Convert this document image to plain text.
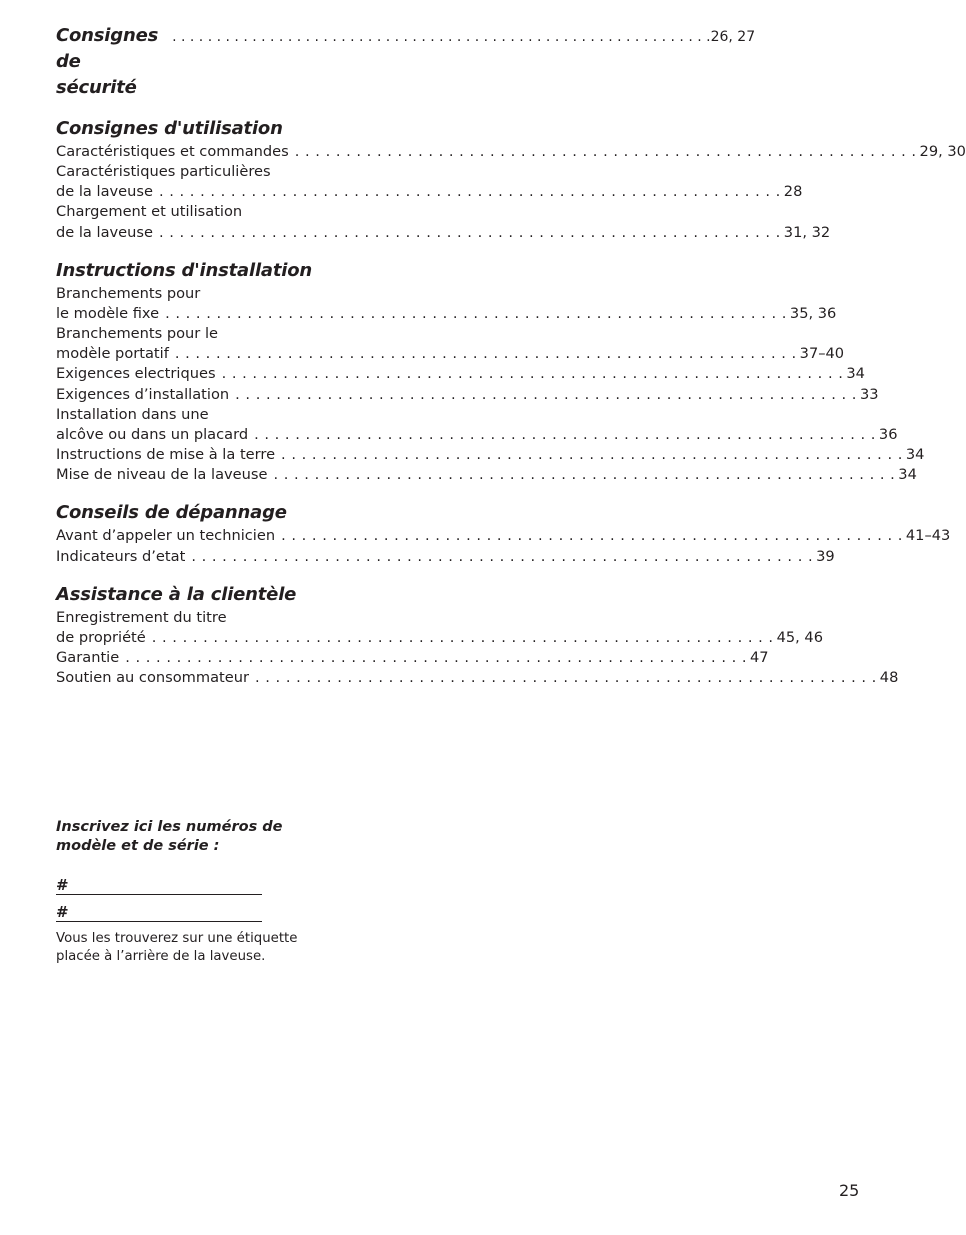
Consignes de sécurité
. . . . . . . . . . . . . . . . . . . . . . . . . . . . . . . . . . . . . . . . . . . . . . . . . . . . . . . . . . . . . 26, 27
Consignes d'utilisation
Caractéristiques et commandes . . . . . . . . . . . . . . . . . . . . . . . . . . . . . . . . . . . . . . . . . . . . . . . . . . . . . . . . . . . . . 29, 30
Caractéristiques particulières
de la laveuse . . . . . . . . . . . . . . . . . . . . . . . . . . . . . . . . . . . . . . . . . . . . . . . . . . . . . . . . . . . . . 28
Chargement et utilisation
de la laveuse . . . . . . . . . . . . . . . . . . . . . . . . . . . . . . . . . . . . . . . . . . . . . . . . . . . . . . . . . . . . . 31, 32
Instructions d'installation
Branchements pour
le modèle fixe . . . . . . . . . . . . . . . . . . . . . . . . . . . . . . . . . . . . . . . . . . . . . . . . . . . . . . . . . . . . . 35, 36
Branchements pour le
modèle portatif . . . . . . . . . . . . . . . . . . . . . . . . . . . . . . . . . . . . . . . . . . . . . . . . . . . . . . . . . . . . . 37–40
Exigences electriques . . . . . . . . . . . . . . . . . . . . . . . . . . . . . . . . . . . . . . . . . . . . . . . . . . . . . . . . . . . . . 34
Exigences d’installation . . . . . . . . . . . . . . . . . . . . . . . . . . . . . . . . . . . . . . . . . . . . . . . . . . . . . . . . . . . . . 33
Installation dans une
alcôve ou dans un placard . . . . . . . . . . . . . . . . . . . . . . . . . . . . . . . . . . . . . . . . . . . . . . . . . . . . . . . . . . . . . 36
Instructions de mise à la terre . . . . . . . . . . . . . . . . . . . . . . . . . . . . . . . . . . . . . . . . . . . . . . . . . . . . . . . . . . . . . 34
Mise de niveau de la laveuse . . . . . . . . . . . . . . . . . . . . . . . . . . . . . . . . . . . . . . . . . . . . . . . . . . . . . . . . . . . . . 34
Conseils de dépannage
Avant d’appeler un technicien . . . . . . . . . . . . . . . . . . . . . . . . . . . . . . . . . . . . . . . . . . . . . . . . . . . . . . . . . . . . . 41–43
Indicateurs d’etat . . . . . . . . . . . . . . . . . . . . . . . . . . . . . . . . . . . . . . . . . . . . . . . . . . . . . . . . . . . . . 39
Assistance à la clientèle
Enregistrement du titre
de propriété . . . . . . . . . . . . . . . . . . . . . . . . . . . . . . . . . . . . . . . . . . . . . . . . . . . . . . . . . . . . . 45, 46
Garantie . . . . . . . . . . . . . . . . . . . . . . . . . . . . . . . . . . . . . . . . . . . . . . . . . . . . . . . . . . . . . 47
Soutien au consommateur . . . . . . . . . . . . . . . . . . . . . . . . . . . . . . . . . . . . . . . . . . . . . . . . . . . . . . . . . . . . . 48

Inscrivez ici les numéros de
modèle et de série :

#
#
Vous les trouverez sur une étiquette
placée à l’arrière de la laveuse.
25
